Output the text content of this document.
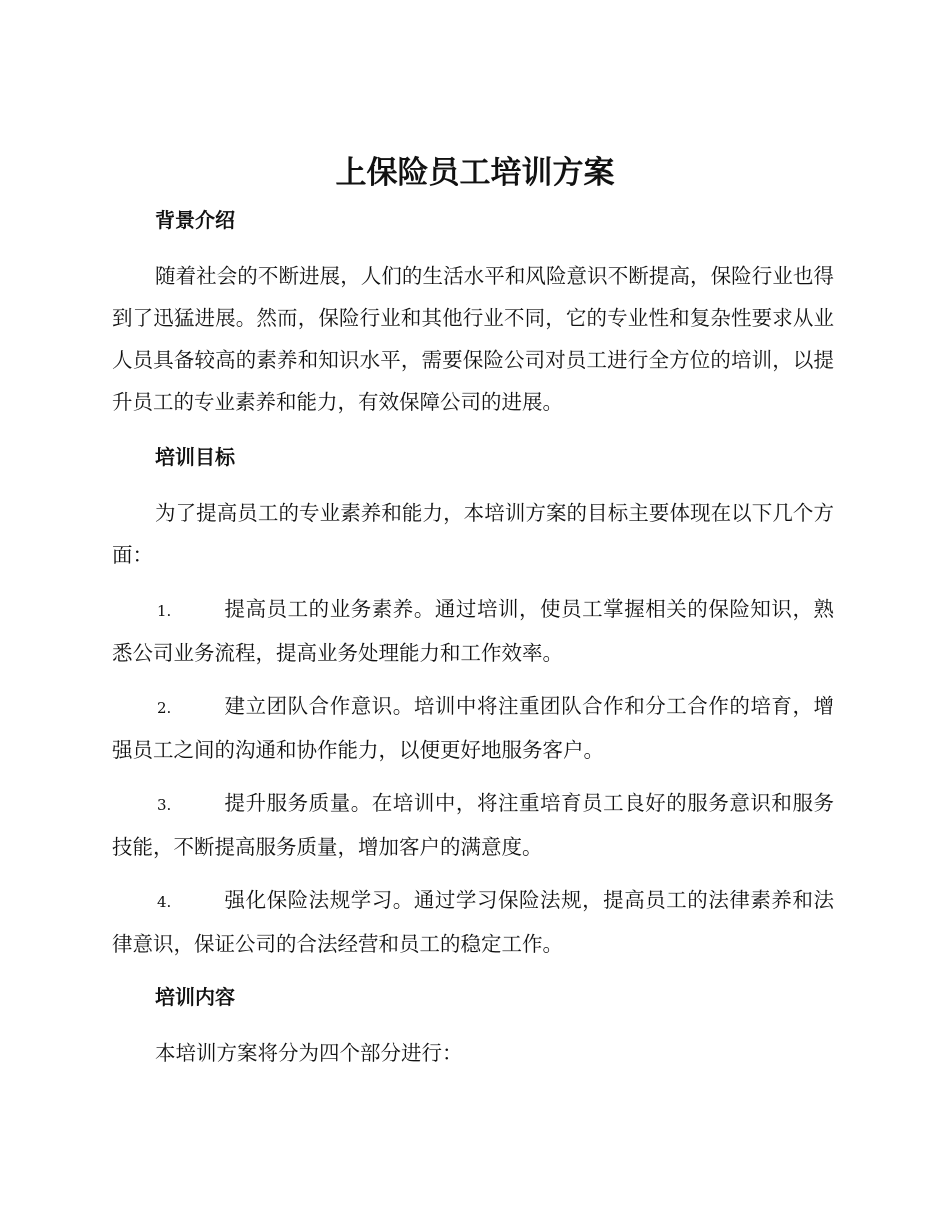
上保险员工培训方案
背景介绍

随着社会的不断进展，人们的生活水平和风险意识不断提高，保险行业也得到了迅猛进展。然而，保险行业和其他行业不同，它的专业性和复杂性要求从业人员具备较高的素养和知识水平，需要保险公司对员工进行全方位的培训，以提升员工的专业素养和能力，有效保障公司的进展。

培训目标

为了提高员工的专业素养和能力，本培训方案的目标主要体现在以下几个方面：

1.	提高员工的业务素养。通过培训，使员工掌握相关的保险知识，熟悉公司业务流程，提高业务处理能力和工作效率。

2.	建立团队合作意识。培训中将注重团队合作和分工合作的培育，增强员工之间的沟通和协作能力，以便更好地服务客户。

3.	提升服务质量。在培训中，将注重培育员工良好的服务意识和服务技能，不断提高服务质量，增加客户的满意度。

4.	强化保险法规学习。通过学习保险法规，提高员工的法律素养和法律意识，保证公司的合法经营和员工的稳定工作。

培训内容

本培训方案将分为四个部分进行：
